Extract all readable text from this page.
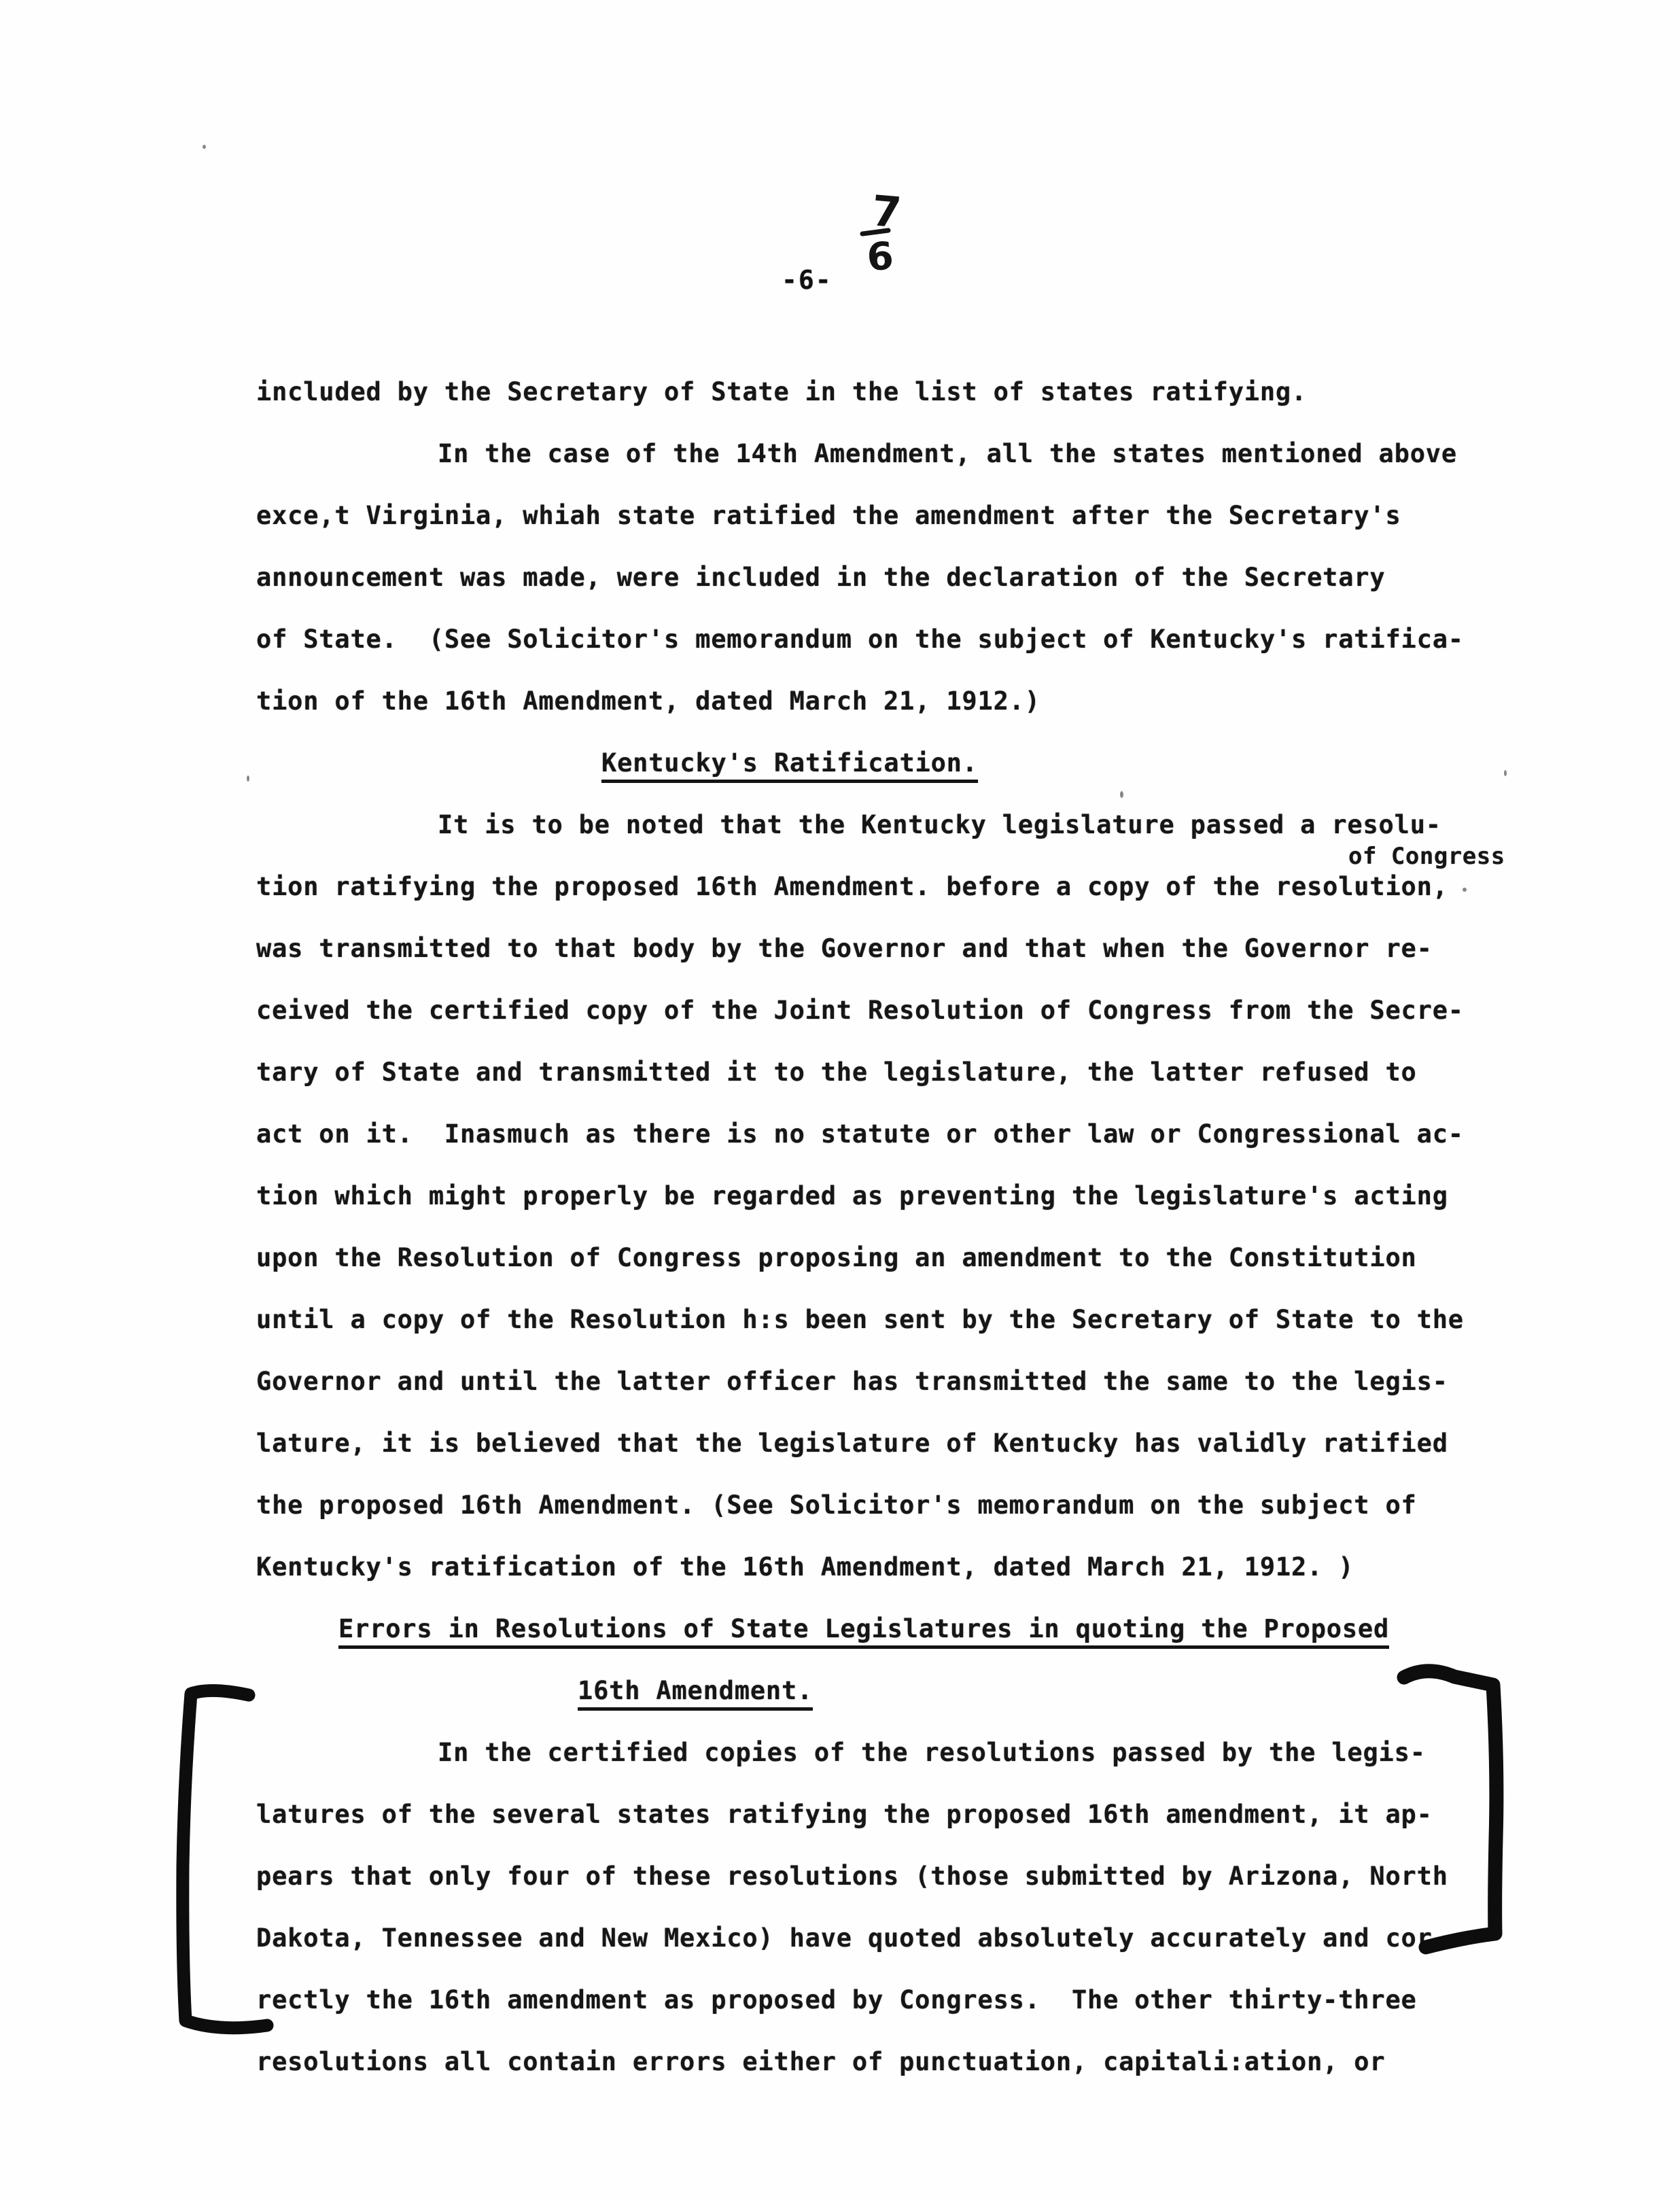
7
6
-6-
included by the Secretary of State in the list of states ratifying.
In the case of the 14th Amendment, all the states mentioned above
exce,t Virginia, whiah state ratified the amendment after the Secretary's
announcement was made, were included in the declaration of the Secretary
of State.  (See Solicitor's memorandum on the subject of Kentucky's ratifica-
tion of the 16th Amendment, dated March 21, 1912.)
Kentucky's Ratification.
It is to be noted that the Kentucky legislature passed a resolu-
tion ratifying the proposed 16th Amendment. before a copy of the resolution,
was transmitted to that body by the Governor and that when the Governor re-
ceived the certified copy of the Joint Resolution of Congress from the Secre-
tary of State and transmitted it to the legislature, the latter refused to
act on it.  Inasmuch as there is no statute or other law or Congressional ac-
tion which might properly be regarded as preventing the legislature's acting
upon the Resolution of Congress proposing an amendment to the Constitution
until a copy of the Resolution h:s been sent by the Secretary of State to the
Governor and until the latter officer has transmitted the same to the legis-
lature, it is believed that the legislature of Kentucky has validly ratified
the proposed 16th Amendment. (See Solicitor's memorandum on the subject of
Kentucky's ratification of the 16th Amendment, dated March 21, 1912. )
Errors in Resolutions of State Legislatures in quoting the Proposed
16th Amendment.
In the certified copies of the resolutions passed by the legis-
latures of the several states ratifying the proposed 16th amendment, it ap-
pears that only four of these resolutions (those submitted by Arizona, North
Dakota, Tennessee and New Mexico) have quoted absolutely accurately and cor-
rectly the 16th amendment as proposed by Congress.  The other thirty-three
resolutions all contain errors either of punctuation, capitali:ation, or
of Congress
